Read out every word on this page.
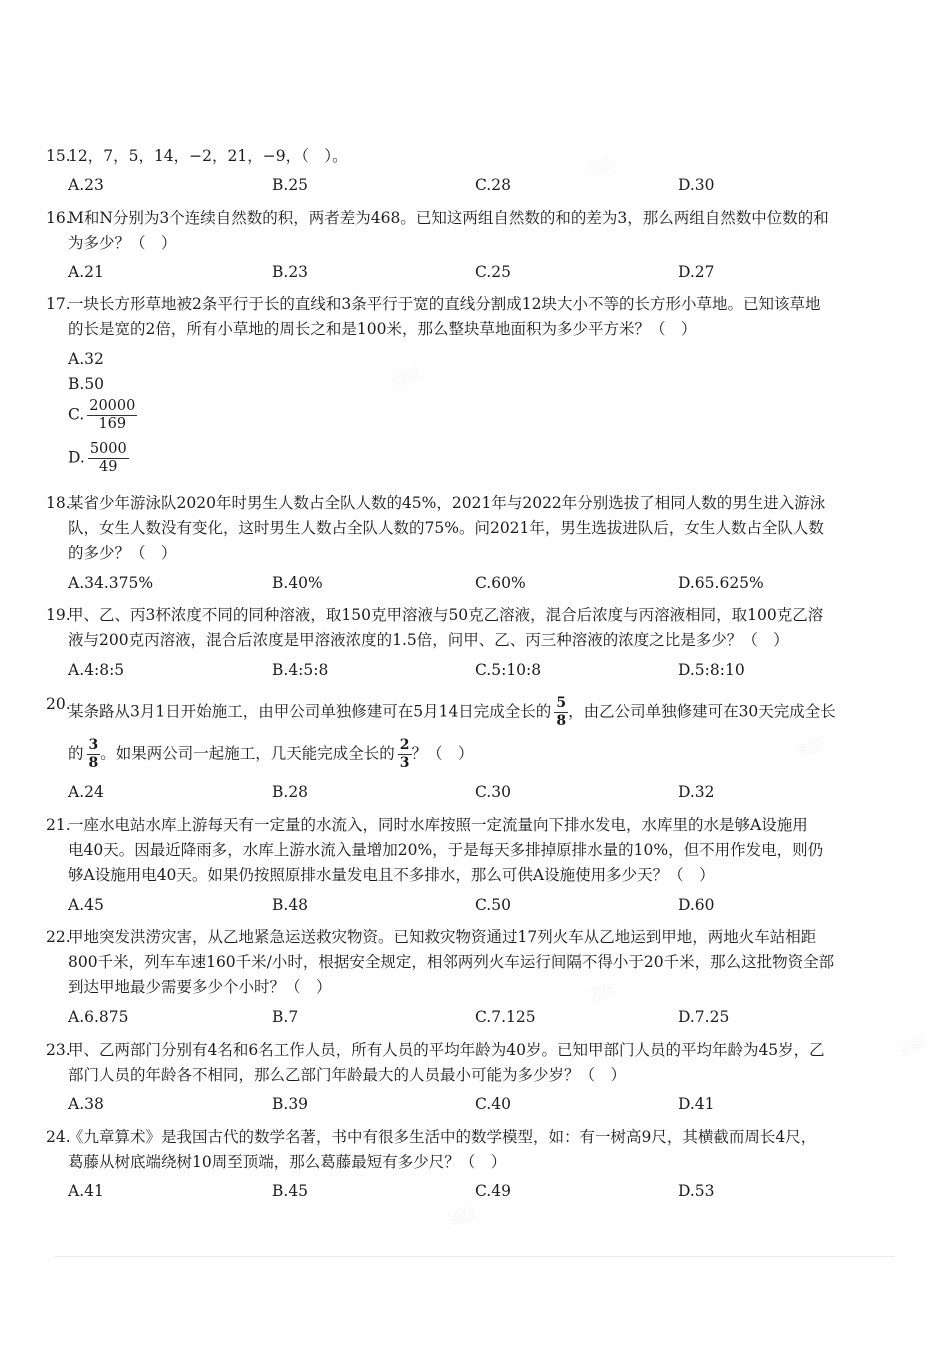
░░░
░░░
░░░
░░░
░░░
░░░
15.
12，7，5，14，−2，21，−9，（　）。
A.23	B.25	C.28	D.30
16.
M和N分别为3个连续自然数的积，两者差为468。已知这两组自然数的和的差为3，那么两组自然数中位数的和
为多少？（　）
A.21	B.23	C.25	D.27
17.
一块长方形草地被2条平行于长的直线和3条平行于宽的直线分割成12块大小不等的长方形小草地。已知该草地
的长是宽的2倍，所有小草地的周长之和是100米，那么整块草地面积为多少平方米？（　）
A.32
B.50
C. $\frac{20000}{169}$
D. $\frac{5000}{49}$
18.
某省少年游泳队2020年时男生人数占全队人数的45%，2021年与2022年分别选拔了相同人数的男生进入游泳
队，女生人数没有变化，这时男生人数占全队人数的75%。问2021年，男生选拔进队后，女生人数占全队人数
的多少？（　）
A.34.375%	B.40%	C.60%	D.65.625%
19.
甲、乙、丙3杯浓度不同的同种溶液，取150克甲溶液与50克乙溶液，混合后浓度与丙溶液相同，取100克乙溶
液与200克丙溶液，混合后浓度是甲溶液浓度的1.5倍，问甲、乙、丙三种溶液的浓度之比是多少？（　）
A.4:8:5	B.4:5:8	C.5:10:8	D.5:8:10
20.
某条路从3月1日开始施工，由甲公司单独修建可在5月14日完成全长的 $\frac{5}{8}$ ，由乙公司单独修建可在30天完成全长
的 $\frac{3}{8}$ 。如果两公司一起施工，几天能完成全长的 $\frac{2}{3}$ ？（　）
A.24	B.28	C.30	D.32
21.
一座水电站水库上游每天有一定量的水流入，同时水库按照一定流量向下排水发电，水库里的水是够A设施用
电40天。因最近降雨多，水库上游水流入量增加20%，于是每天多排掉原排水量的10%，但不用作发电，则仍
够A设施用电40天。如果仍按照原排水量发电且不多排水，那么可供A设施使用多少天？（　）
A.45	B.48	C.50	D.60
22.
甲地突发洪涝灾害，从乙地紧急运送救灾物资。已知救灾物资通过17列火车从乙地运到甲地，两地火车站相距
800千米，列车车速160千米/小时，根据安全规定，相邻两列火车运行间隔不得小于20千米，那么这批物资全部
到达甲地最少需要多少个小时？（　）
A.6.875	B.7	C.7.125	D.7.25
23.
甲、乙两部门分别有4名和6名工作人员，所有人员的平均年龄为40岁。已知甲部门人员的平均年龄为45岁，乙
部门人员的年龄各不相同，那么乙部门年龄最大的人员最小可能为多少岁？（　）
A.38	B.39	C.40	D.41
24.
《九章算术》是我国古代的数学名著，书中有很多生活中的数学模型，如：有一树高9尺，其横截而周长4尺，
葛藤从树底端绕树10周至顶端，那么葛藤最短有多少尺？（　）
A.41	B.45	C.49	D.53
